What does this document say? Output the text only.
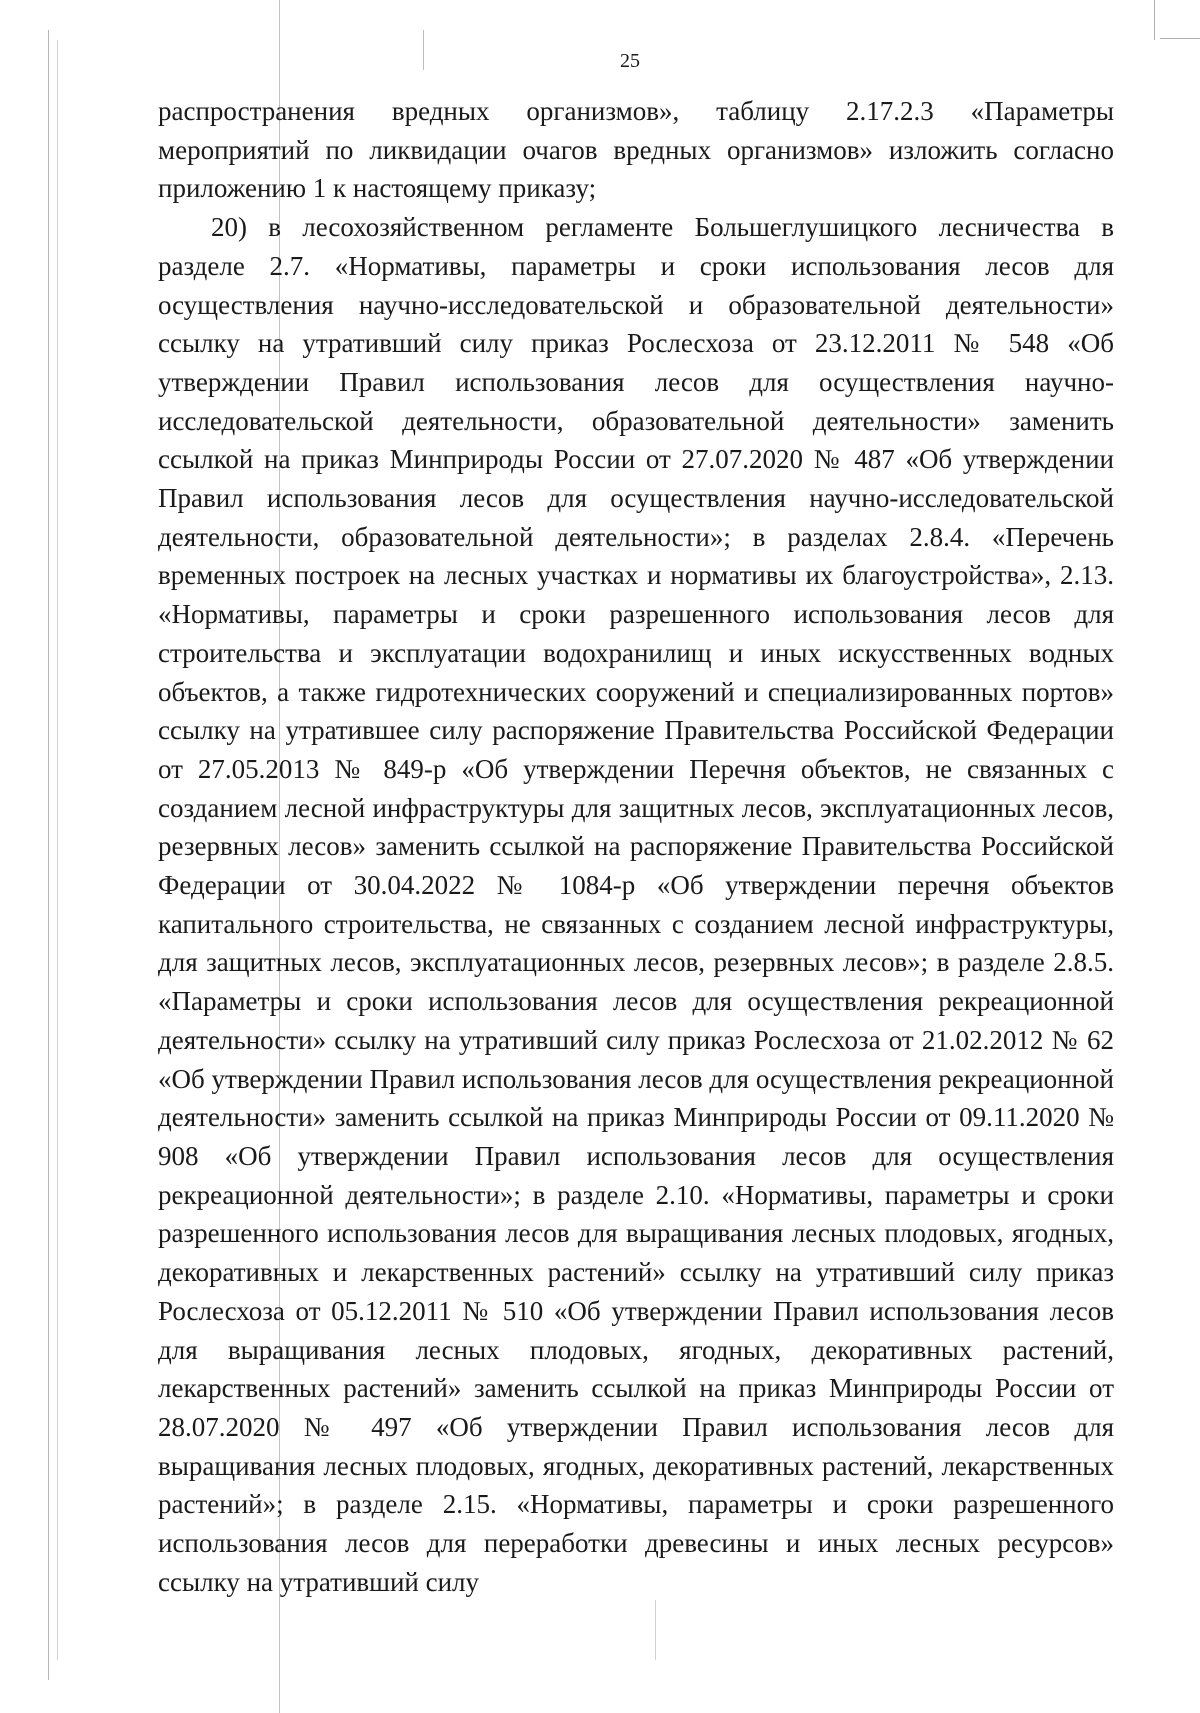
25

распространения вредных организмов», таблицу 2.17.2.3 «Параметры мероприятий по ликвидации очагов вредных организмов» изложить согласно приложению 1 к настоящему приказу;

20) в лесохозяйственном регламенте Большеглушицкого лесничества в разделе 2.7. «Нормативы, параметры и сроки использования лесов для осуществления научно-исследовательской и образовательной деятельности» ссылку на утративший силу приказ Рослесхоза от 23.12.2011 № 548 «Об утверждении Правил использования лесов для осуществления научно-исследовательской деятельности, образовательной деятельности» заменить ссылкой на приказ Минприроды России от 27.07.2020 № 487 «Об утверждении Правил использования лесов для осуществления научно-исследовательской деятельности, образовательной деятельности»; в разделах 2.8.4. «Перечень временных построек на лесных участках и нормативы их благоустройства», 2.13. «Нормативы, параметры и сроки разрешенного использования лесов для строительства и эксплуатации водохранилищ и иных искусственных водных объектов, а также гидротехнических сооружений и специализированных портов» ссылку на утратившее силу распоряжение Правительства Российской Федерации от 27.05.2013 № 849-р «Об утверждении Перечня объектов, не связанных с созданием лесной инфраструктуры для защитных лесов, эксплуатационных лесов, резервных лесов» заменить ссылкой на распоряжение Правительства Российской Федерации от 30.04.2022 № 1084-р «Об утверждении перечня объектов капитального строительства, не связанных с созданием лесной инфраструктуры, для защитных лесов, эксплуатационных лесов, резервных лесов»; в разделе 2.8.5. «Параметры и сроки использования лесов для осуществления рекреационной деятельности» ссылку на утративший силу приказ Рослесхоза от 21.02.2012 № 62 «Об утверждении Правил использования лесов для осуществления рекреационной деятельности» заменить ссылкой на приказ Минприроды России от 09.11.2020 № 908 «Об утверждении Правил использования лесов для осуществления рекреационной деятельности»; в разделе 2.10. «Нормативы, параметры и сроки разрешенного использования лесов для выращивания лесных плодовых, ягодных, декоративных и лекарственных растений» ссылку на утративший силу приказ Рослесхоза от 05.12.2011 № 510 «Об утверждении Правил использования лесов для выращивания лесных плодовых, ягодных, декоративных растений, лекарственных растений» заменить ссылкой на приказ Минприроды России от 28.07.2020 № 497 «Об утверждении Правил использования лесов для выращивания лесных плодовых, ягодных, декоративных растений, лекарственных растений»; в разделе 2.15. «Нормативы, параметры и сроки разрешенного использования лесов для переработки древесины и иных лесных ресурсов» ссылку на утративший силу
